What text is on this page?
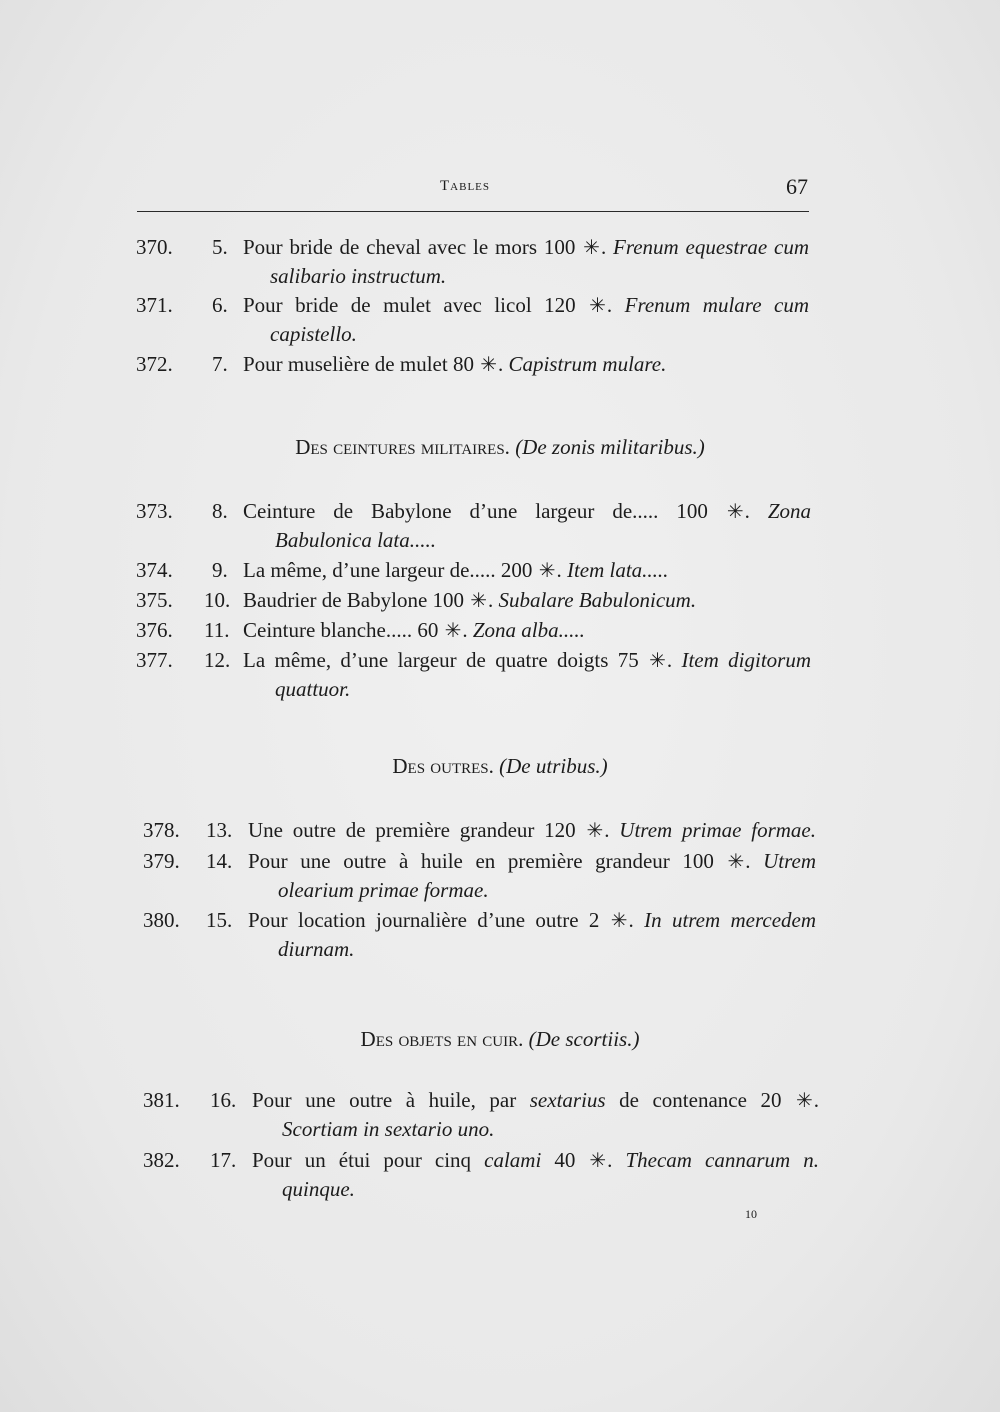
Tables	67
370. 5. Pour bride de cheval avec le mors 100 ✳. Frenum equestrae cum
salibario instructum.
371. 6. Pour bride de mulet avec licol 120 ✳. Frenum mulare cum
capistello.
372. 7. Pour muselière de mulet 80 ✳. Capistrum mulare.
Des ceintures militaires. (De zonis militaribus.)
373. 8. Ceinture de Babylone d’une largeur de..... 100 ✳. Zona
Babulonica lata.....
374. 9. La même, d’une largeur de..... 200 ✳. Item lata.....
375. 10. Baudrier de Babylone 100 ✳. Subalare Babulonicum.
376. 11. Ceinture blanche..... 60 ✳. Zona alba.....
377. 12. La même, d’une largeur de quatre doigts 75 ✳. Item digitorum
quattuor.
Des outres. (De utribus.)
378. 13. Une outre de première grandeur 120 ✳. Utrem primae formae.
379. 14. Pour une outre à huile en première grandeur 100 ✳. Utrem
olearium primae formae.
380. 15. Pour location journalière d’une outre 2 ✳. In utrem mercedem
diurnam.
Des objets en cuir. (De scortiis.)
381. 16. Pour une outre à huile, par sextarius de contenance 20 ✳.
Scortiam in sextario uno.
382. 17. Pour un étui pour cinq calami 40 ✳. Thecam cannarum n.
quinque.
10
